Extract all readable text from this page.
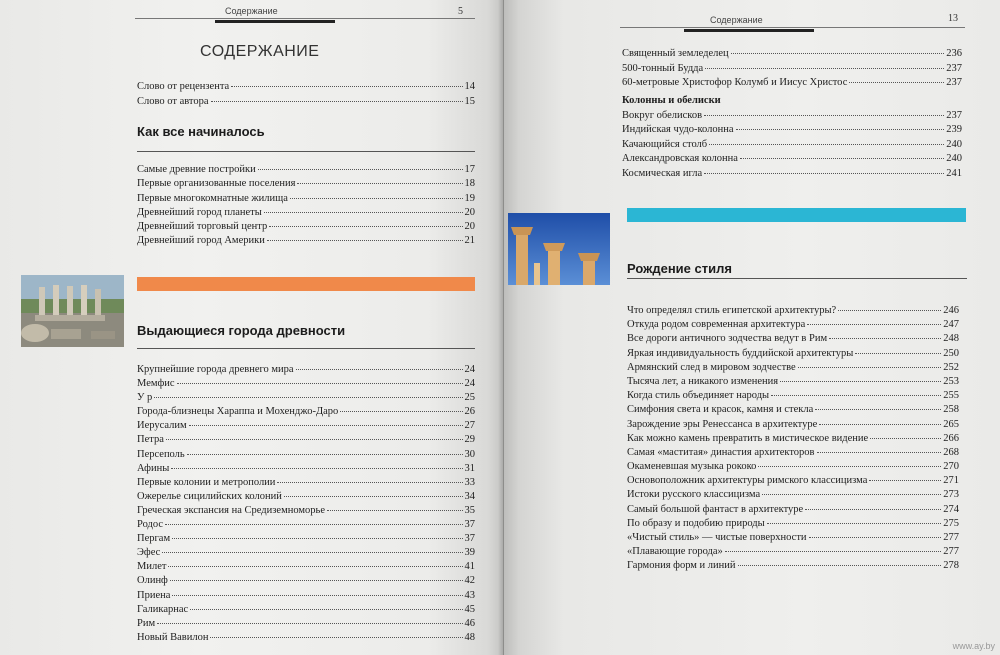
Содержание	5
СОДЕРЖАНИЕ
Слово от рецензента	14
Слово от автора	15
Как все начиналось
Самые древние постройки	17
Первые организованные поселения	18
Первые многокомнатные жилища	19
Древнейший город планеты	20
Древнейший торговый центр	20
Древнейший город Америки	21
Выдающиеся города древности
Крупнейшие города древнего мира	24
Мемфис	24
У р	25
Города-близнецы Хараппа и Мохенджо-Даро	26
Иерусалим	27
Петра	29
Персеполь	30
Афины	31
Первые колонии и метрополии	33
Ожерелье сицилийских колоний	34
Греческая экспансия на Средиземноморье	35
Родос	37
Пергам	37
Эфес	39
Милет	41
Олинф	42
Приена	43
Галикарнас	45
Рим	46
Новый Вавилон	48
Содержание	13
Священный земледелец	236
500-тонный Будда	237
60-метровые Христофор Колумб и Иисус Христос	237
Колонны и обелиски
Вокруг обелисков	237
Индийская чудо-колонна	239
Качающийся столб	240
Александровская колонна	240
Космическая игла	241
Рождение стиля
Что определял стиль египетской архитектуры?	246
Откуда родом современная архитектура	247
Все дороги античного зодчества ведут в Рим	248
Яркая индивидуальность буддийской архитектуры	250
Армянский след в мировом зодчестве	252
Тысяча лет, а никакого изменения	253
Когда стиль объединяет народы	255
Симфония света и красок, камня и стекла	258
Зарождение эры Ренессанса в архитектуре	265
Как можно камень превратить в мистическое видение	266
Самая «маститая» династия архитекторов	268
Окаменевшая музыка рококо	270
Основоположник архитектуры римского классицизма	271
Истоки русского классицизма	273
Самый большой фантаст в архитектуре	274
По образу и подобию природы	275
«Чистый стиль» — чистые поверхности	277
«Плавающие города»	277
Гармония форм и линий	278
www.ay.by
